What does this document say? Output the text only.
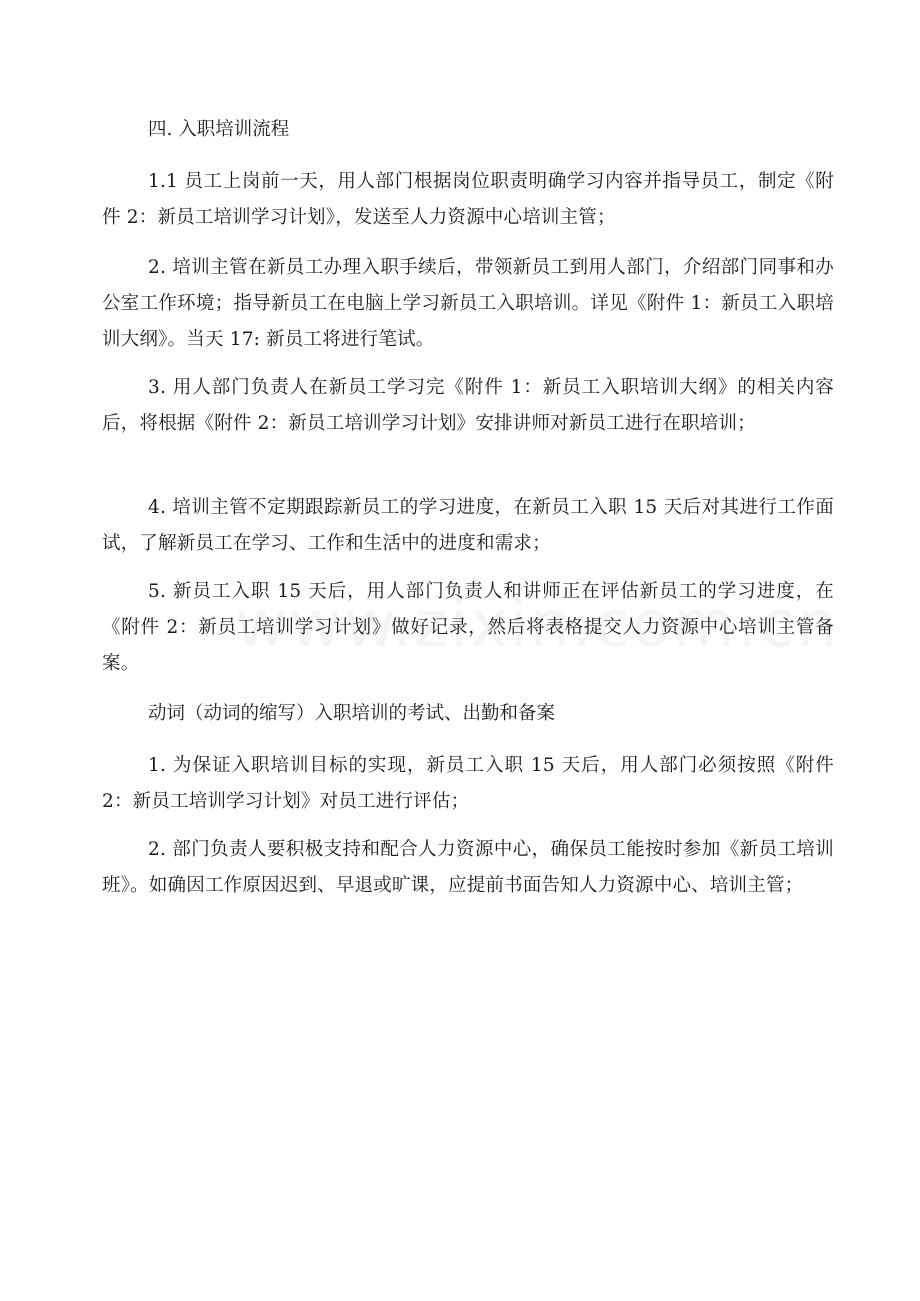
四. 入职培训流程

1.1 员工上岗前一天，用人部门根据岗位职责明确学习内容并指导员工，制定《附件 2：新员工培训学习计划》，发送至人力资源中心培训主管；

2. 培训主管在新员工办理入职手续后，带领新员工到用人部门，介绍部门同事和办公室工作环境；指导新员工在电脑上学习新员工入职培训。详见《附件 1：新员工入职培训大纲》。当天 17: 新员工将进行笔试。

3. 用人部门负责人在新员工学习完《附件 1：新员工入职培训大纲》的相关内容后，将根据《附件 2：新员工培训学习计划》安排讲师对新员工进行在职培训；

4. 培训主管不定期跟踪新员工的学习进度，在新员工入职 15 天后对其进行工作面试，了解新员工在学习、工作和生活中的进度和需求；

5. 新员工入职 15 天后，用人部门负责人和讲师正在评估新员工的学习进度，在《附件 2：新员工培训学习计划》做好记录，然后将表格提交人力资源中心培训主管备案。

动词（动词的缩写）入职培训的考试、出勤和备案

1. 为保证入职培训目标的实现，新员工入职 15 天后，用人部门必须按照《附件 2：新员工培训学习计划》对员工进行评估；

2. 部门负责人要积极支持和配合人力资源中心，确保员工能按时参加《新员工培训班》。如确因工作原因迟到、早退或旷课，应提前书面告知人力资源中心、培训主管；
